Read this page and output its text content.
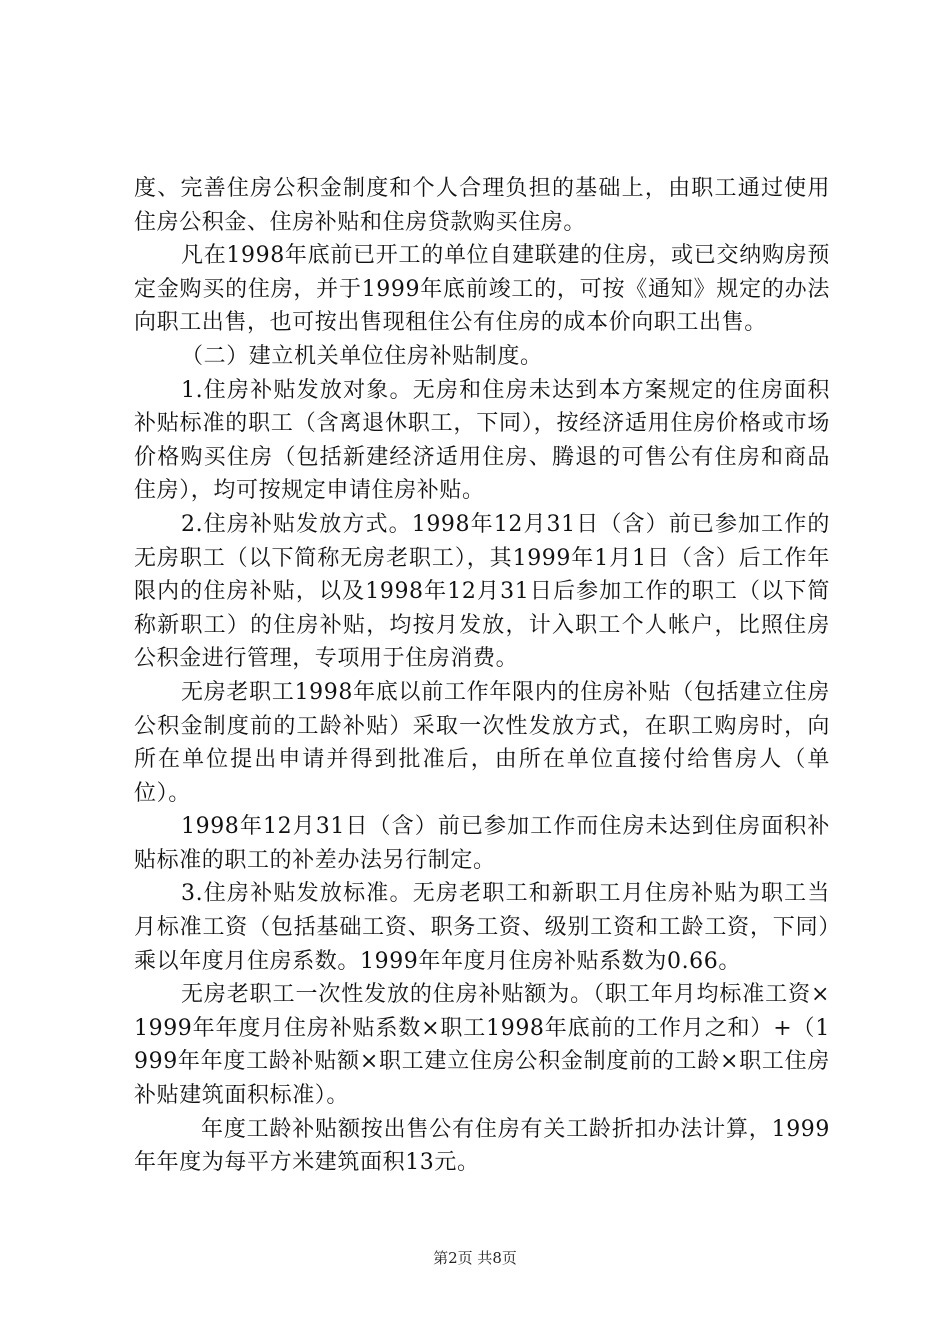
度、完善住房公积金制度和个人合理负担的基础上，由职工通过使用住房公积金、住房补贴和住房贷款购买住房。

凡在1998年底前已开工的单位自建联建的住房，或已交纳购房预定金购买的住房，并于1999年底前竣工的，可按《通知》规定的办法向职工出售，也可按出售现租住公有住房的成本价向职工出售。

（二）建立机关单位住房补贴制度。

1.住房补贴发放对象。无房和住房未达到本方案规定的住房面积补贴标准的职工（含离退休职工，下同），按经济适用住房价格或市场价格购买住房（包括新建经济适用住房、腾退的可售公有住房和商品住房），均可按规定申请住房补贴。

2.住房补贴发放方式。1998年12月31日（含）前已参加工作的无房职工（以下简称无房老职工），其1999年1月1日（含）后工作年限内的住房补贴，以及1998年12月31日后参加工作的职工（以下简称新职工）的住房补贴，均按月发放，计入职工个人帐户，比照住房公积金进行管理，专项用于住房消费。

无房老职工1998年底以前工作年限内的住房补贴（包括建立住房公积金制度前的工龄补贴）采取一次性发放方式，在职工购房时，向所在单位提出申请并得到批准后，由所在单位直接付给售房人（单位）。

1998年12月31日（含）前已参加工作而住房未达到住房面积补贴标准的职工的补差办法另行制定。

3.住房补贴发放标准。无房老职工和新职工月住房补贴为职工当月标准工资（包括基础工资、职务工资、级别工资和工龄工资，下同）乘以年度月住房系数。1999年年度月住房补贴系数为0.66。

无房老职工一次性发放的住房补贴额为。（职工年月均标准工资×1999年年度月住房补贴系数×职工1998年底前的工作月之和）+（1999年年度工龄补贴额×职工建立住房公积金制度前的工龄×职工住房补贴建筑面积标准）。

年度工龄补贴额按出售公有住房有关工龄折扣办法计算，1999年年度为每平方米建筑面积13元。

第2页 共8页
